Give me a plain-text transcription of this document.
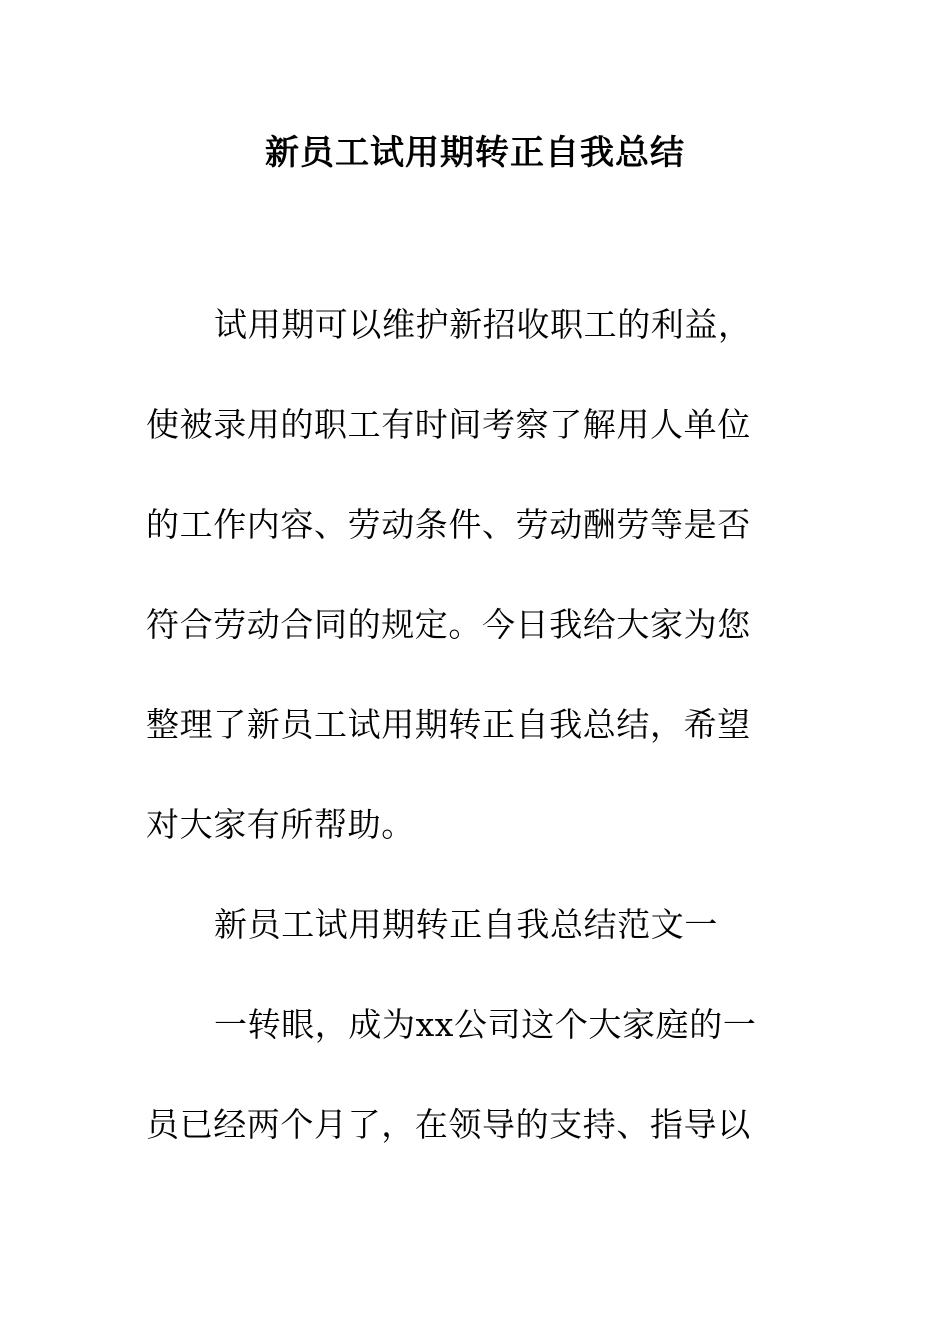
新员工试用期转正自我总结
试用期可以维护新招收职工的利益，
使被录用的职工有时间考察了解用人单位
的工作内容、劳动条件、劳动酬劳等是否
符合劳动合同的规定。今日我给大家为您
整理了新员工试用期转正自我总结，希望
对大家有所帮助。
新员工试用期转正自我总结范文一
一转眼，成为xx公司这个大家庭的一
员已经两个月了，在领导的支持、指导以
